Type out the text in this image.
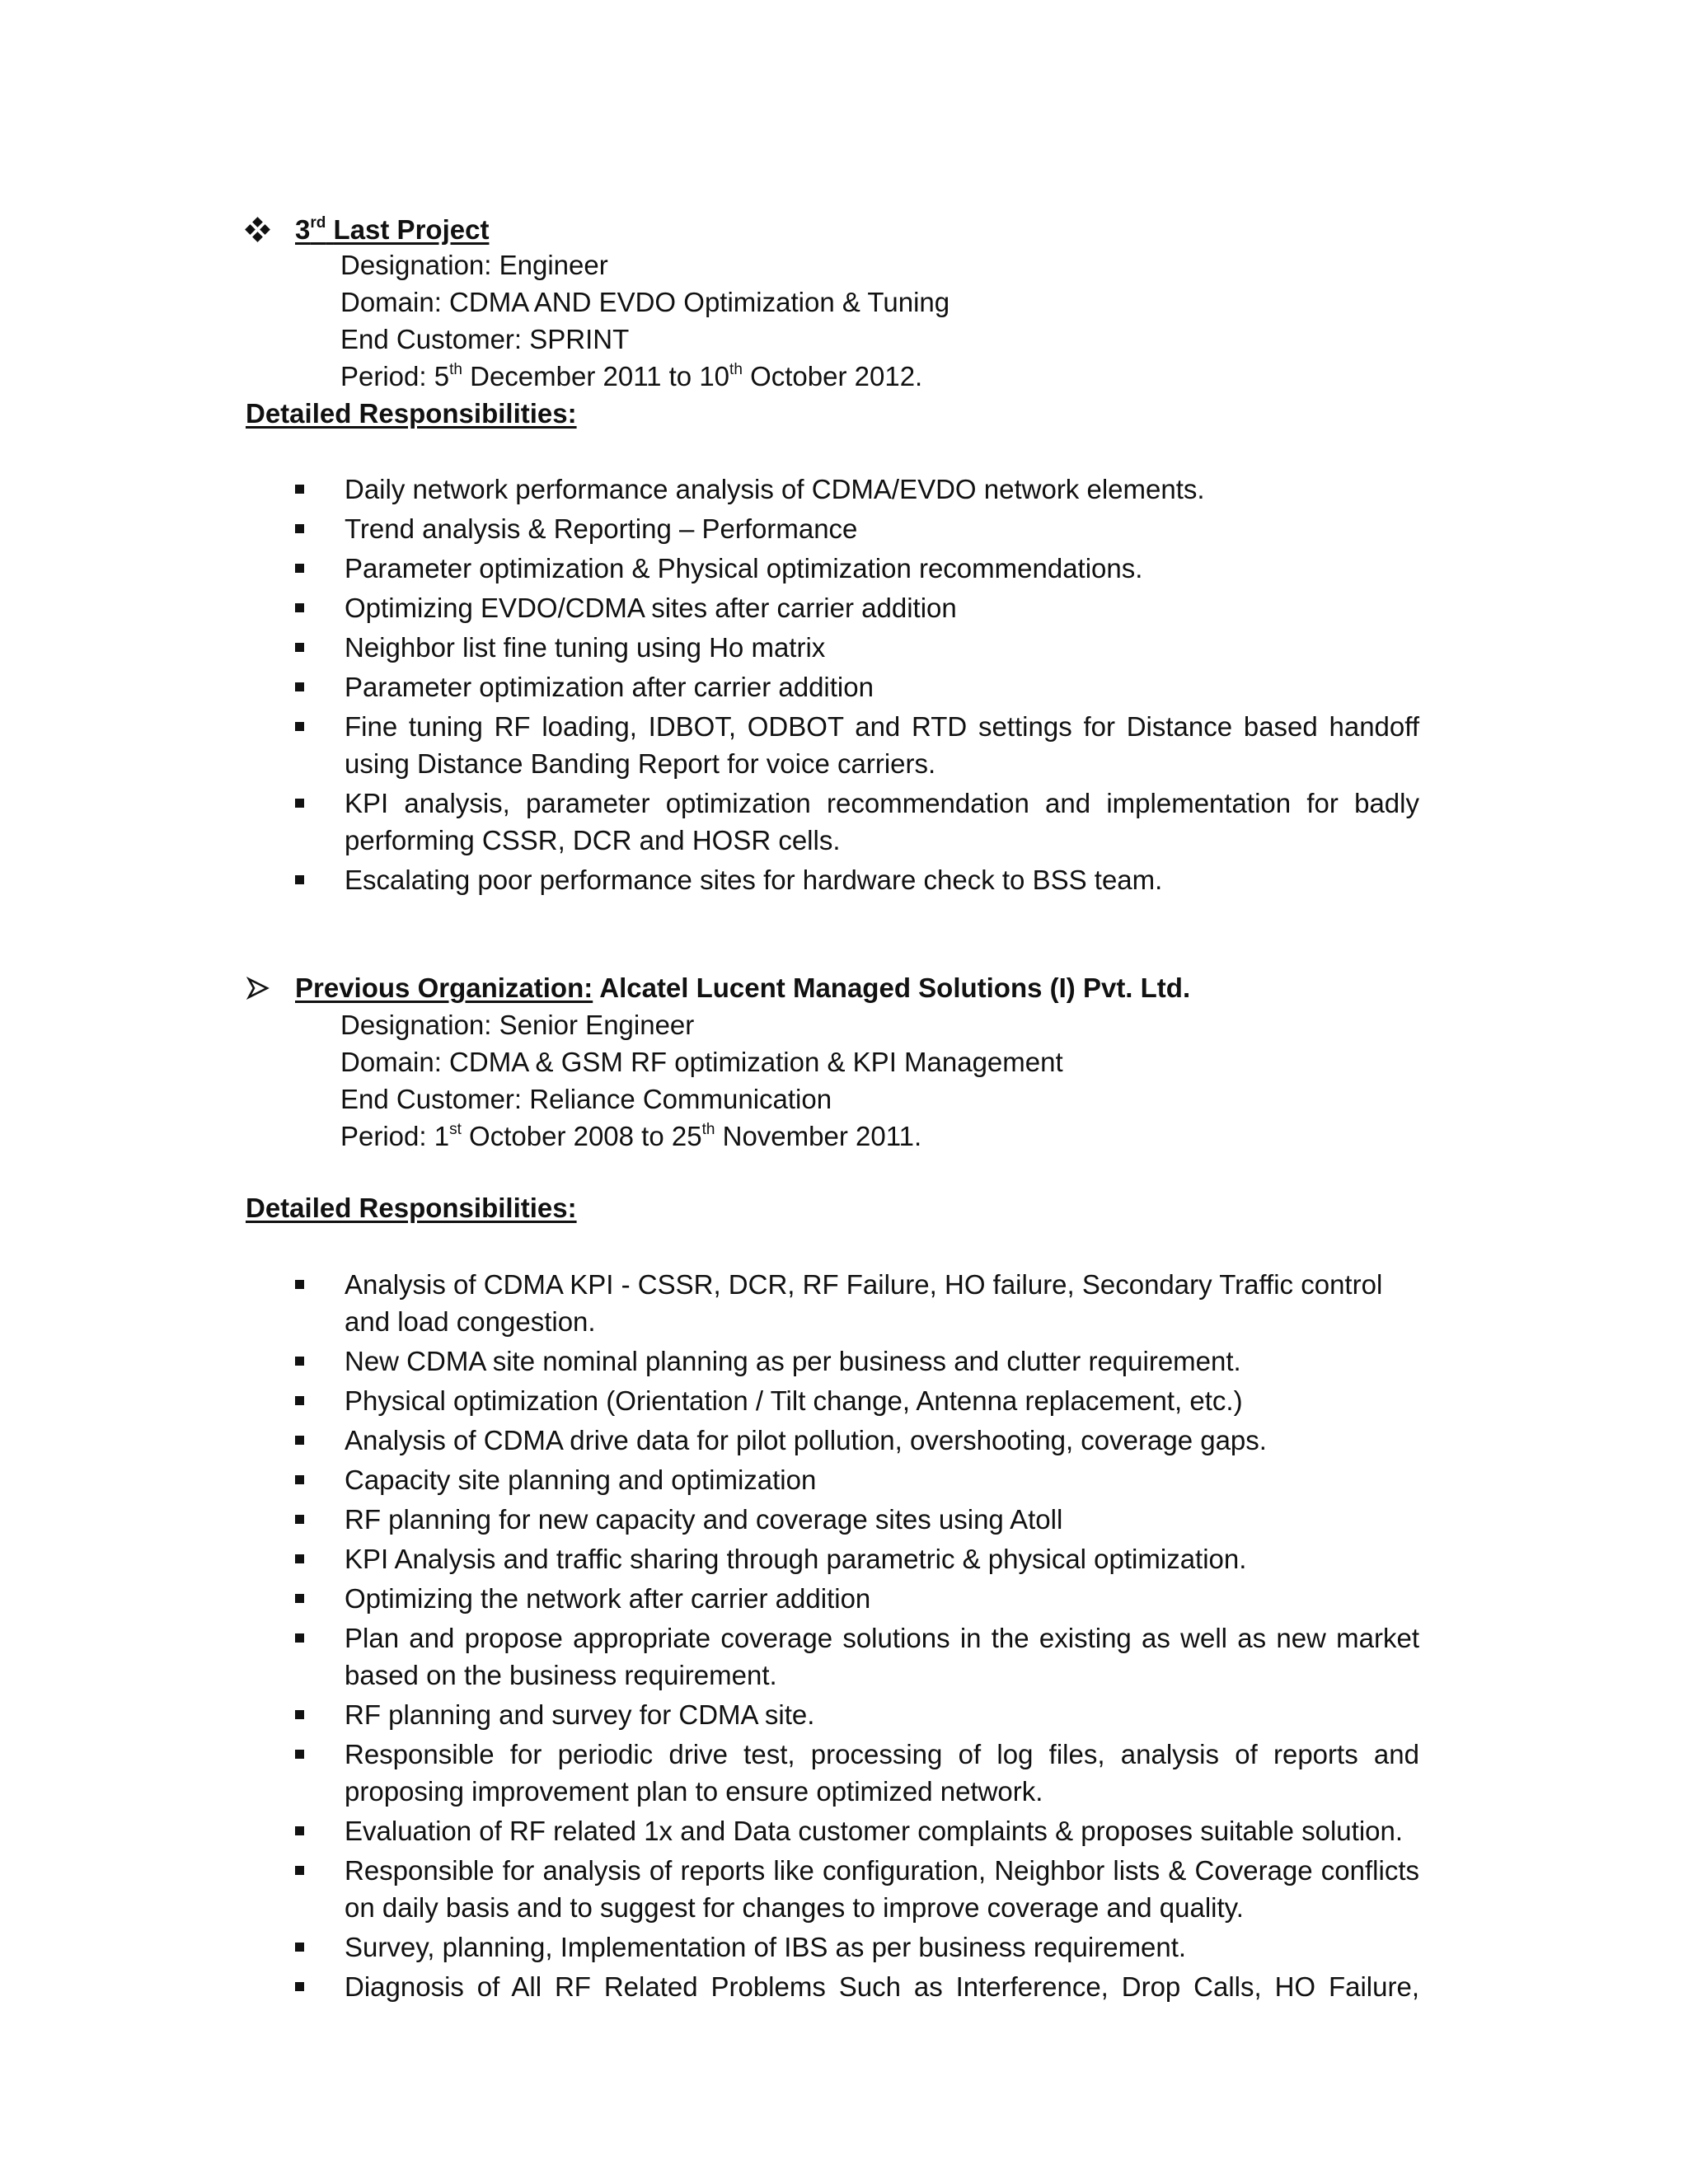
3rd Last Project
Designation: Engineer
Domain: CDMA AND EVDO Optimization & Tuning
End Customer: SPRINT
Period: 5th December 2011 to 10th October 2012.
Detailed Responsibilities:
Daily network performance analysis of CDMA/EVDO network elements.
Trend analysis & Reporting – Performance
Parameter optimization & Physical optimization recommendations.
Optimizing EVDO/CDMA sites after carrier addition
Neighbor list fine tuning using Ho matrix
Parameter optimization after carrier addition
Fine tuning RF loading, IDBOT, ODBOT and RTD settings for Distance based handoff using Distance Banding Report for voice carriers.
KPI analysis, parameter optimization recommendation and implementation for badly performing CSSR, DCR and HOSR cells.
Escalating poor performance sites for hardware check to BSS team.
Previous Organization: Alcatel Lucent Managed Solutions (I) Pvt. Ltd.
Designation: Senior Engineer
Domain: CDMA & GSM RF optimization & KPI Management
End Customer: Reliance Communication
Period: 1st October 2008 to 25th November 2011.
Detailed Responsibilities:
Analysis of CDMA KPI - CSSR, DCR, RF Failure, HO failure, Secondary Traffic control and load congestion.
New CDMA site nominal planning as per business and clutter requirement.
Physical optimization (Orientation / Tilt change, Antenna replacement, etc.)
Analysis of CDMA drive data for pilot pollution, overshooting, coverage gaps.
Capacity site planning and optimization
RF planning for new capacity and coverage sites using Atoll
KPI Analysis and traffic sharing through parametric & physical optimization.
Optimizing the network after carrier addition
Plan and propose appropriate coverage solutions in the existing as well as new market based on the business requirement.
RF planning and survey for CDMA site.
Responsible for periodic drive test, processing of log files, analysis of reports and proposing improvement plan to ensure optimized network.
Evaluation of RF related 1x and Data customer complaints & proposes suitable solution.
Responsible for analysis of reports like configuration, Neighbor lists & Coverage conflicts on daily basis and to suggest for changes to improve coverage and quality.
Survey, planning, Implementation of IBS as per business requirement.
Diagnosis of All RF Related Problems Such as Interference, Drop Calls, HO Failure,
